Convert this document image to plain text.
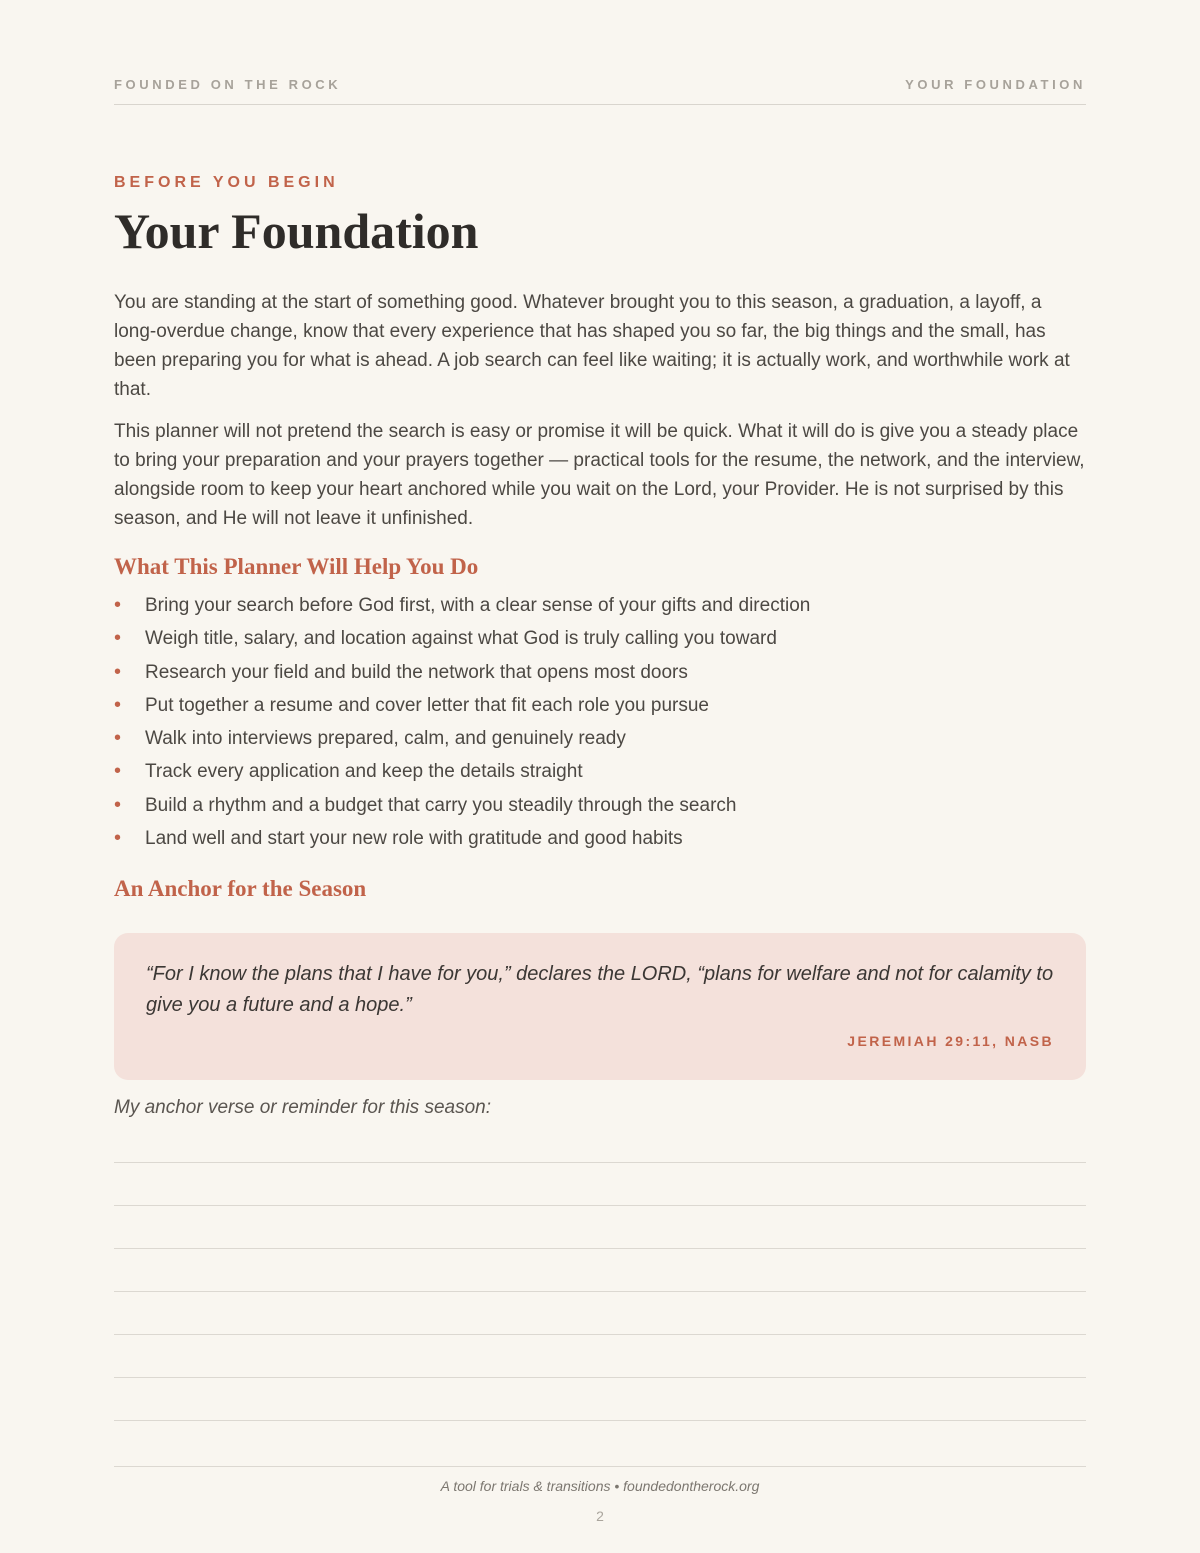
FOUNDED ON THE ROCK	YOUR FOUNDATION
BEFORE YOU BEGIN
Your Foundation

You are standing at the start of something good. Whatever brought you to this season, a graduation, a layoff, a long-overdue change, know that every experience that has shaped you so far, the big things and the small, has been preparing you for what is ahead. A job search can feel like waiting; it is actually work, and worthwhile work at that.

This planner will not pretend the search is easy or promise it will be quick. What it will do is give you a steady place to bring your preparation and your prayers together — practical tools for the resume, the network, and the interview, alongside room to keep your heart anchored while you wait on the Lord, your Provider. He is not surprised by this season, and He will not leave it unfinished.

What This Planner Will Help You Do
• Bring your search before God first, with a clear sense of your gifts and direction
• Weigh title, salary, and location against what God is truly calling you toward
• Research your field and build the network that opens most doors
• Put together a resume and cover letter that fit each role you pursue
• Walk into interviews prepared, calm, and genuinely ready
• Track every application and keep the details straight
• Build a rhythm and a budget that carry you steadily through the search
• Land well and start your new role with gratitude and good habits
An Anchor for the Season
“For I know the plans that I have for you,” declares the LORD, “plans for welfare and not for calamity to give you a future and a hope.”
JEREMIAH 29:11, NASB
My anchor verse or reminder for this season:
A tool for trials & transitions • foundedontherock.org
2
